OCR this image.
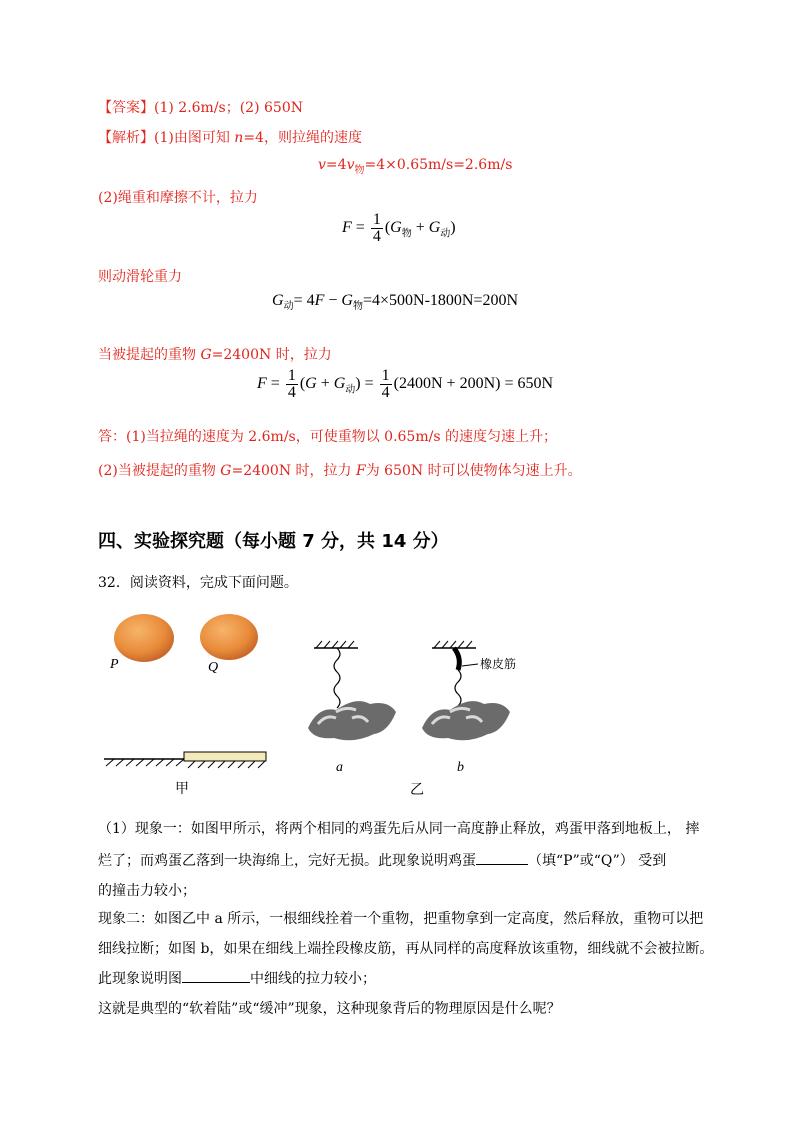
【答案】(1) 2.6m/s；(2) 650N
【解析】(1)由图可知 n=4，则拉绳的速度
$v=4v_物=4\times 0.65m/s=2.6m/s$
(2)绳重和摩擦不计，拉力
$F = \frac{1}{4} (G_物 + G_动)$
则动滑轮重力
$G_动= 4F - G_物=4\times 500N-1800N=200N$
当被提起的重物 G=2400N 时，拉力
$F = \frac{1}{4} (G + G_动) = \frac{1}{4} (2400N + 200N) = 650N$
答：(1)当拉绳的速度为 2.6m/s，可使重物以 0.65m/s 的速度匀速上升；
(2)当被提起的重物 G=2400N 时，拉力 F为 650N 时可以使物体匀速上升。
四、实验探究题（每小题 7 分，共 14 分）
32．阅读资料，完成下面问题。
P	Q
甲	乙
a	b
橡皮筋
（1）现象一：如图甲所示，将两个相同的鸡蛋先后从同一高度静止释放，鸡蛋甲落到地板上， 摔
烂了；而鸡蛋乙落到一块海绵上，完好无损。此现象说明鸡蛋	（填“P”或“Q”） 受到
的撞击力较小；
现象二：如图乙中 a 所示，一根细线拴着一个重物，把重物拿到一定高度，然后释放，重物可以把
细线拉断；如图 b，如果在细线上端拴段橡皮筋，再从同样的高度释放该重物，细线就不会被拉断。
此现象说明图	中细线的拉力较小；
这就是典型的“软着陆”或“缓冲”现象，这种现象背后的物理原因是什么呢？
